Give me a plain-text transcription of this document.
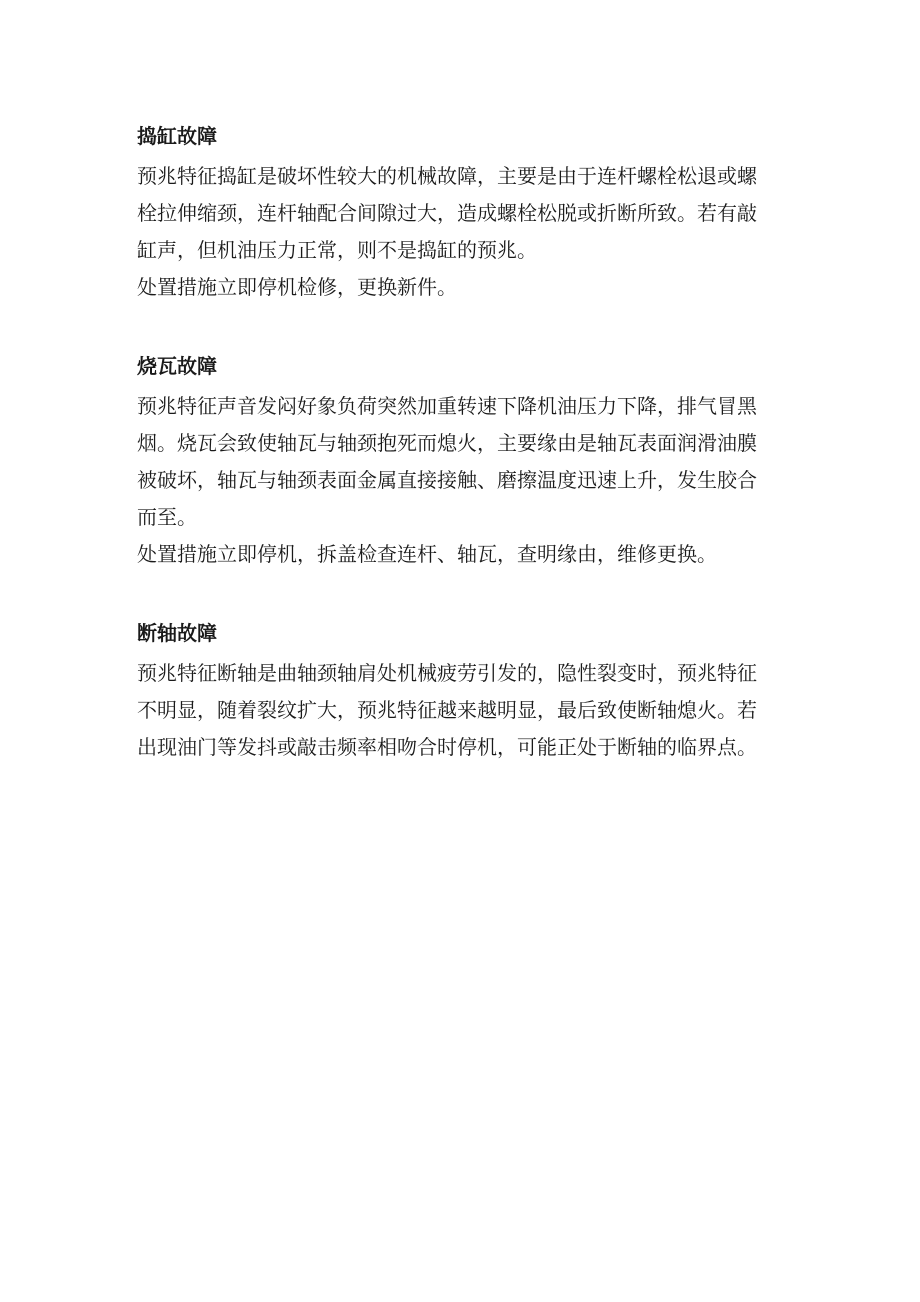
捣缸故障

预兆特征捣缸是破坏性较大的机械故障，主要是由于连杆螺栓松退或螺栓拉伸缩颈，连杆轴配合间隙过大，造成螺栓松脱或折断所致。若有敲缸声，但机油压力正常，则不是捣缸的预兆。

处置措施立即停机检修，更换新件。

烧瓦故障

预兆特征声音发闷好象负荷突然加重转速下降机油压力下降，排气冒黑烟。烧瓦会致使轴瓦与轴颈抱死而熄火，主要缘由是轴瓦表面润滑油膜被破坏，轴瓦与轴颈表面金属直接接触、磨擦温度迅速上升，发生胶合而至。

处置措施立即停机，拆盖检查连杆、轴瓦，查明缘由，维修更换。

断轴故障

预兆特征断轴是曲轴颈轴肩处机械疲劳引发的，隐性裂变时，预兆特征不明显，随着裂纹扩大，预兆特征越来越明显，最后致使断轴熄火。若出现油门等发抖或敲击频率相吻合时停机，可能正处于断轴的临界点。
